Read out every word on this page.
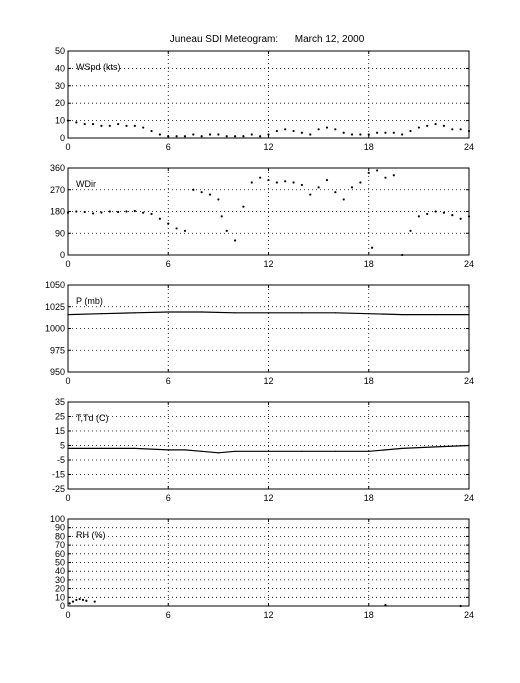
Juneau SDI Meteogram:      March 12, 2000
0	6	12	18	24
0
10
20
30
40
50
WSpd (kts)
0	6	12	18	24
0
90
180
270
360
WDir
0	6	12	18	24
950
975
1000
1025
1050
P (mb)
0	6	12	18	24
-25
-15
-5
5
15
25
35
T,Td (C)
0	6	12	18	24
0
10
20
30
40
50
60
70
80
90
100
RH (%)
